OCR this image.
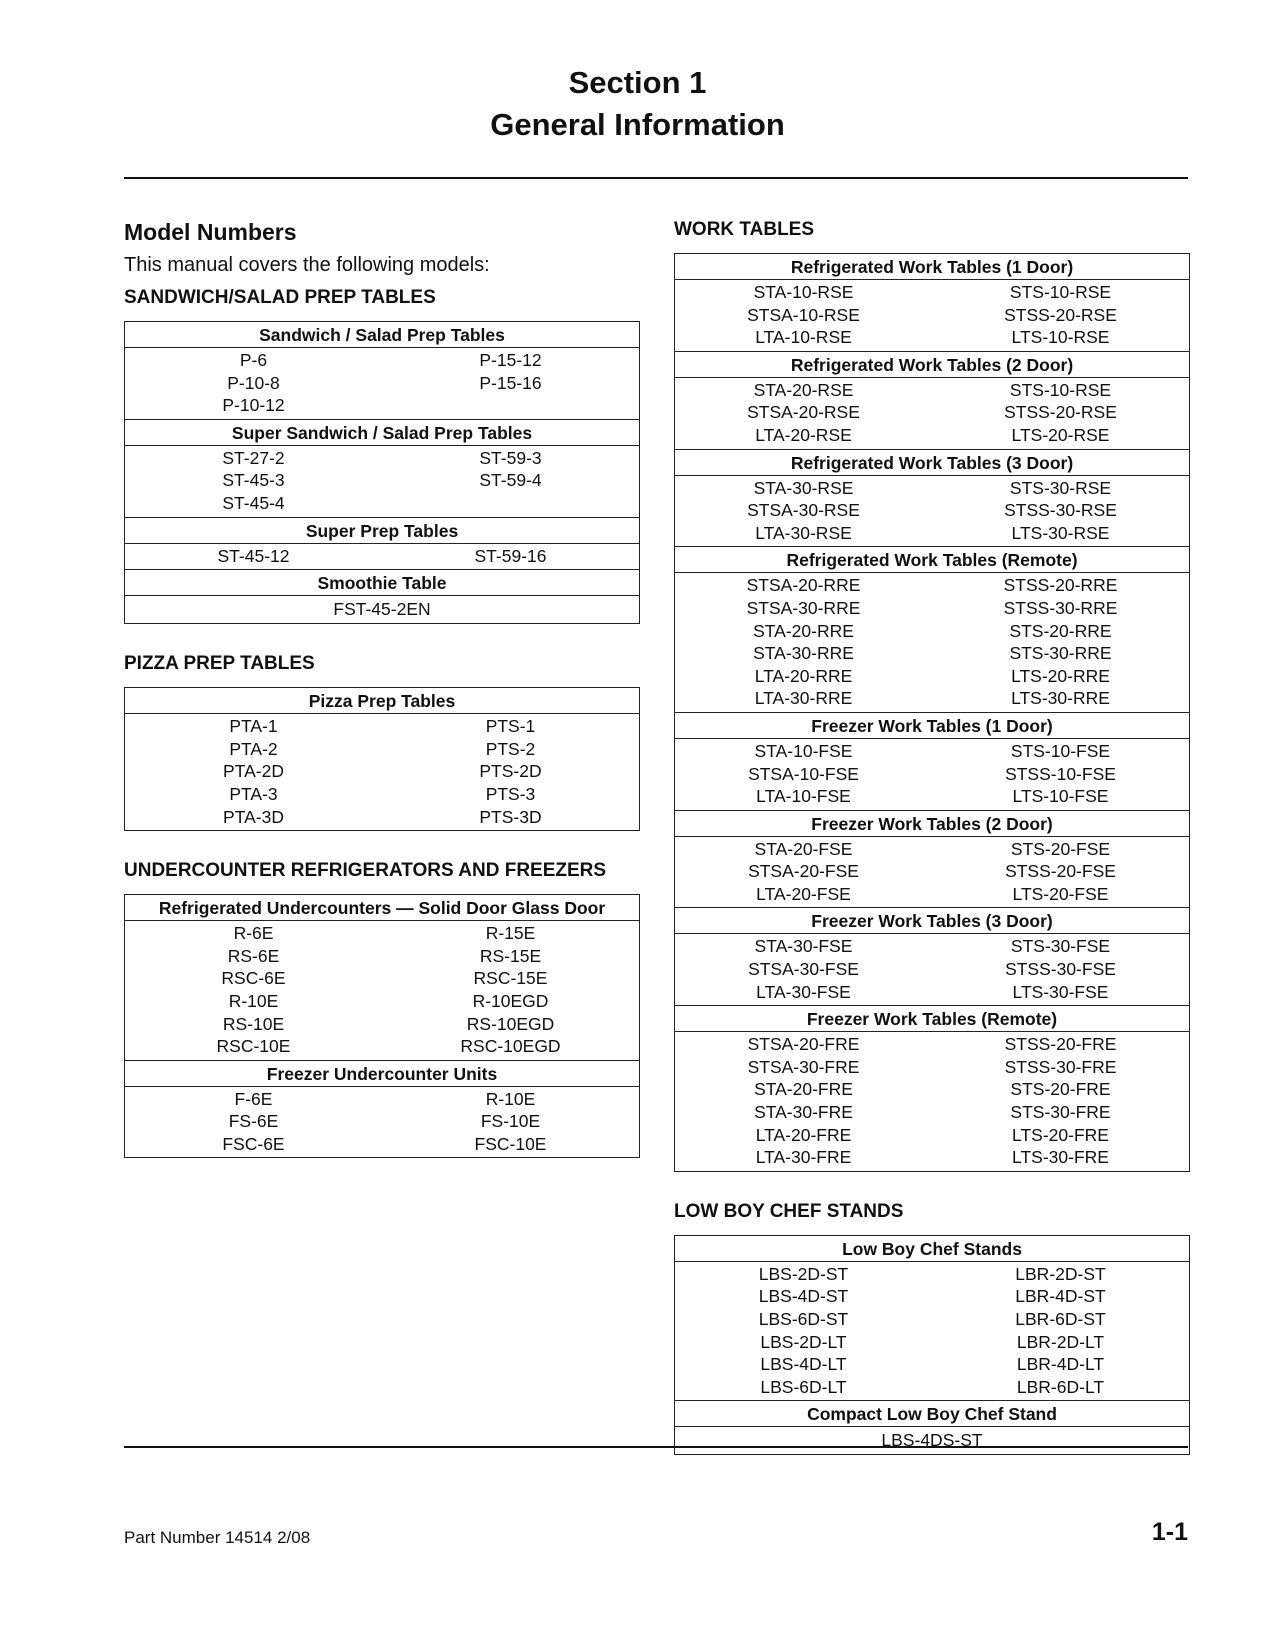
Section 1
General Information
Model Numbers

This manual covers the following models:

SANDWICH/SALAD PREP TABLES

Sandwich / Salad Prep Tables
P-6	P-15-12
P-10-8	P-15-16
P-10-12
Super Sandwich / Salad Prep Tables
ST-27-2	ST-59-3
ST-45-3	ST-59-4
ST-45-4
Super Prep Tables
ST-45-12	ST-59-16
Smoothie Table
FST-45-2EN

PIZZA PREP TABLES

Pizza Prep Tables
PTA-1	PTS-1
PTA-2	PTS-2
PTA-2D	PTS-2D
PTA-3	PTS-3
PTA-3D	PTS-3D

UNDERCOUNTER REFRIGERATORS AND FREEZERS

Refrigerated Undercounters — Solid Door Glass Door
R-6E	R-15E
RS-6E	RS-15E
RSC-6E	RSC-15E
R-10E	R-10EGD
RS-10E	RS-10EGD
RSC-10E	RSC-10EGD
Freezer Undercounter Units
F-6E	R-10E
FS-6E	FS-10E
FSC-6E	FSC-10E

WORK TABLES

Refrigerated Work Tables (1 Door)
STA-10-RSE	STS-10-RSE
STSA-10-RSE	STSS-20-RSE
LTA-10-RSE	LTS-10-RSE
Refrigerated Work Tables (2 Door)
STA-20-RSE	STS-10-RSE
STSA-20-RSE	STSS-20-RSE
LTA-20-RSE	LTS-20-RSE
Refrigerated Work Tables (3 Door)
STA-30-RSE	STS-30-RSE
STSA-30-RSE	STSS-30-RSE
LTA-30-RSE	LTS-30-RSE
Refrigerated Work Tables (Remote)
STSA-20-RRE	STSS-20-RRE
STSA-30-RRE	STSS-30-RRE
STA-20-RRE	STS-20-RRE
STA-30-RRE	STS-30-RRE
LTA-20-RRE	LTS-20-RRE
LTA-30-RRE	LTS-30-RRE
Freezer Work Tables (1 Door)
STA-10-FSE	STS-10-FSE
STSA-10-FSE	STSS-10-FSE
LTA-10-FSE	LTS-10-FSE
Freezer Work Tables (2 Door)
STA-20-FSE	STS-20-FSE
STSA-20-FSE	STSS-20-FSE
LTA-20-FSE	LTS-20-FSE
Freezer Work Tables (3 Door)
STA-30-FSE	STS-30-FSE
STSA-30-FSE	STSS-30-FSE
LTA-30-FSE	LTS-30-FSE
Freezer Work Tables (Remote)
STSA-20-FRE	STSS-20-FRE
STSA-30-FRE	STSS-30-FRE
STA-20-FRE	STS-20-FRE
STA-30-FRE	STS-30-FRE
LTA-20-FRE	LTS-20-FRE
LTA-30-FRE	LTS-30-FRE

LOW BOY CHEF STANDS

Low Boy Chef Stands
LBS-2D-ST	LBR-2D-ST
LBS-4D-ST	LBR-4D-ST
LBS-6D-ST	LBR-6D-ST
LBS-2D-LT	LBR-2D-LT
LBS-4D-LT	LBR-4D-LT
LBS-6D-LT	LBR-6D-LT
Compact Low Boy Chef Stand
LBS-4DS-ST
Part Number 14514 2/08	1-1
